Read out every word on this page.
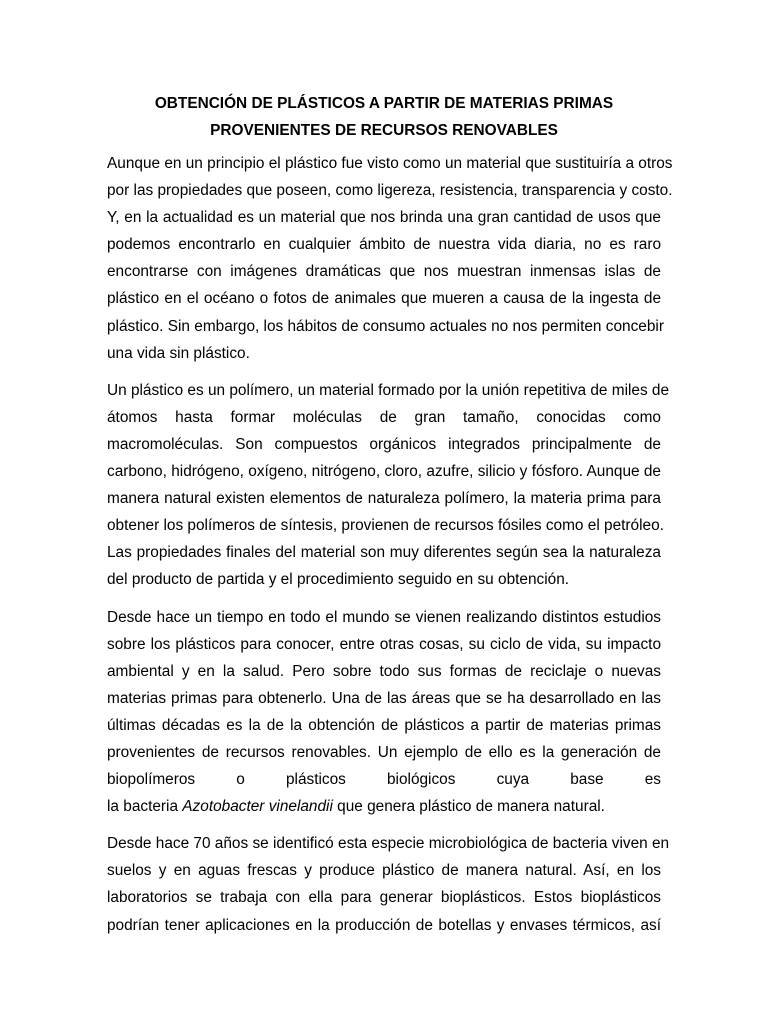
OBTENCIÓN DE PLÁSTICOS A PARTIR DE MATERIAS PRIMAS

PROVENIENTES DE RECURSOS RENOVABLES

Aunque en un principio el plástico fue visto como un material que sustituiría a otros
por las propiedades que poseen, como ligereza, resistencia, transparencia y costo.
Y, en la actualidad es un material que nos brinda una gran cantidad de usos que
podemos encontrarlo en cualquier ámbito de nuestra vida diaria, no es raro
encontrarse con imágenes dramáticas que nos muestran inmensas islas de
plástico en el océano o fotos de animales que mueren a causa de la ingesta de
plástico. Sin embargo, los hábitos de consumo actuales no nos permiten concebir
una vida sin plástico.

Un plástico es un polímero, un material formado por la unión repetitiva de miles de
átomos hasta formar moléculas de gran tamaño, conocidas como
macromoléculas. Son compuestos orgánicos integrados principalmente de
carbono, hidrógeno, oxígeno, nitrógeno, cloro, azufre, silicio y fósforo. Aunque de
manera natural existen elementos de naturaleza polímero, la materia prima para
obtener los polímeros de síntesis, provienen de recursos fósiles como el petróleo.
Las propiedades finales del material son muy diferentes según sea la naturaleza
del producto de partida y el procedimiento seguido en su obtención.

Desde hace un tiempo en todo el mundo se vienen realizando distintos estudios
sobre los plásticos para conocer, entre otras cosas, su ciclo de vida, su impacto
ambiental y en la salud. Pero sobre todo sus formas de reciclaje o nuevas
materias primas para obtenerlo. Una de las áreas que se ha desarrollado en las
últimas décadas es la de la obtención de plásticos a partir de materias primas
provenientes de recursos renovables. Un ejemplo de ello es la generación de
biopolímeros o plásticos biológicos cuya base es
la bacteria Azotobacter vinelandii que genera plástico de manera natural.

Desde hace 70 años se identificó esta especie microbiológica de bacteria viven en
suelos y en aguas frescas y produce plástico de manera natural. Así, en los
laboratorios se trabaja con ella para generar bioplásticos. Estos bioplásticos
podrían tener aplicaciones en la producción de botellas y envases térmicos, así
